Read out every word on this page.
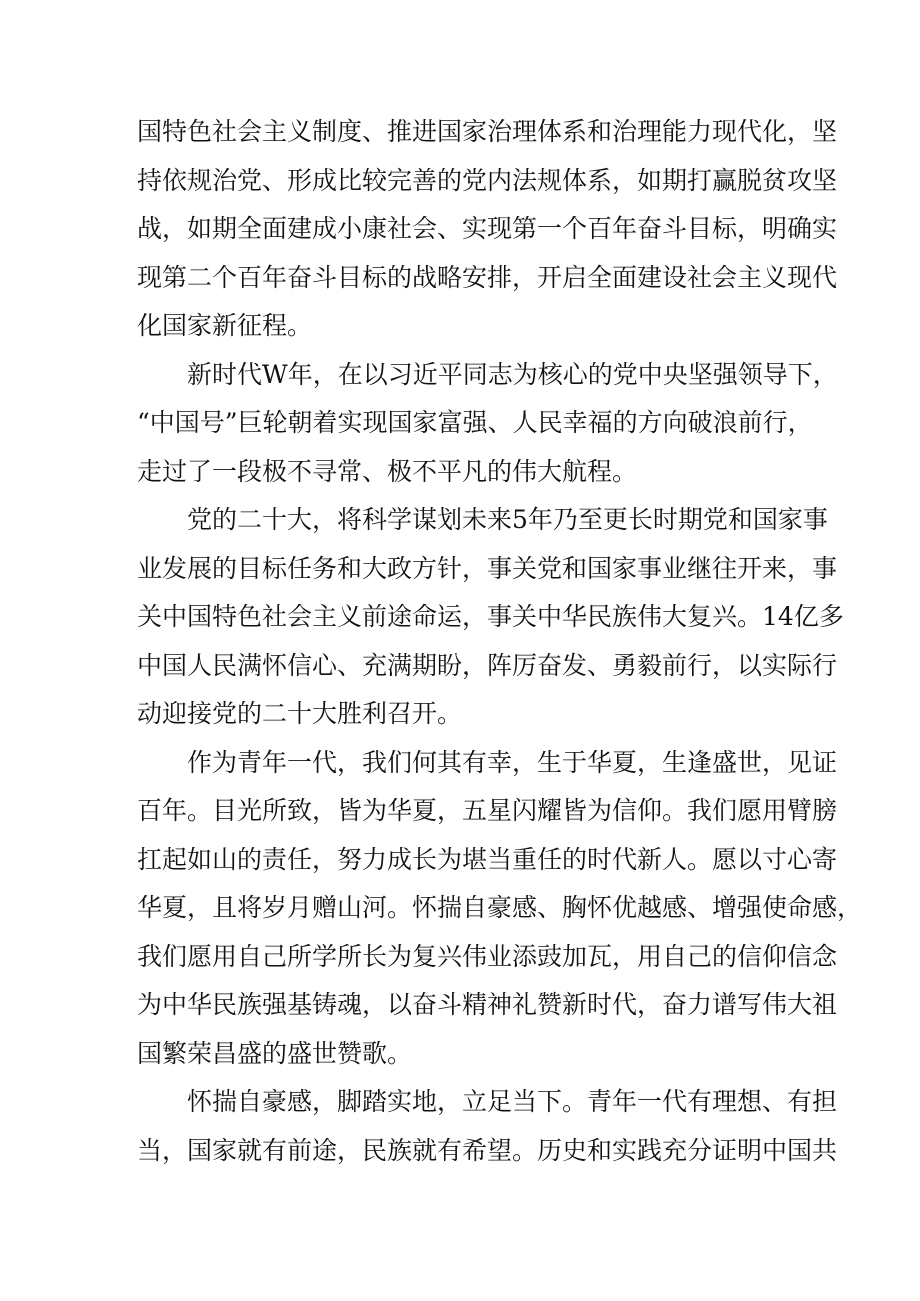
国特色社会主义制度、推进国家治理体系和治理能力现代化，坚

持依规治党、形成比较完善的党内法规体系，如期打赢脱贫攻坚

战，如期全面建成小康社会、实现第一个百年奋斗目标，明确实

现第二个百年奋斗目标的战略安排，开启全面建设社会主义现代

化国家新征程。

新时代W年，在以习近平同志为核心的党中央坚强领导下，

“中国号”巨轮朝着实现国家富强、人民幸福的方向破浪前行，

走过了一段极不寻常、极不平凡的伟大航程。

党的二十大，将科学谋划未来5年乃至更长时期党和国家事

业发展的目标任务和大政方针，事关党和国家事业继往开来，事

关中国特色社会主义前途命运，事关中华民族伟大复兴。14亿多

中国人民满怀信心、充满期盼，阵厉奋发、勇毅前行，以实际行

动迎接党的二十大胜利召开。

作为青年一代，我们何其有幸，生于华夏，生逢盛世，见证

百年。目光所致，皆为华夏，五星闪耀皆为信仰。我们愿用臂膀

扛起如山的责任，努力成长为堪当重任的时代新人。愿以寸心寄

华夏，且将岁月赠山河。怀揣自豪感、胸怀优越感、增强使命感，

我们愿用自己所学所长为复兴伟业添豉加瓦，用自己的信仰信念

为中华民族强基铸魂，以奋斗精神礼赞新时代，奋力谱写伟大祖

国繁荣昌盛的盛世赞歌。

怀揣自豪感，脚踏实地，立足当下。青年一代有理想、有担

当，国家就有前途，民族就有希望。历史和实践充分证明中国共
